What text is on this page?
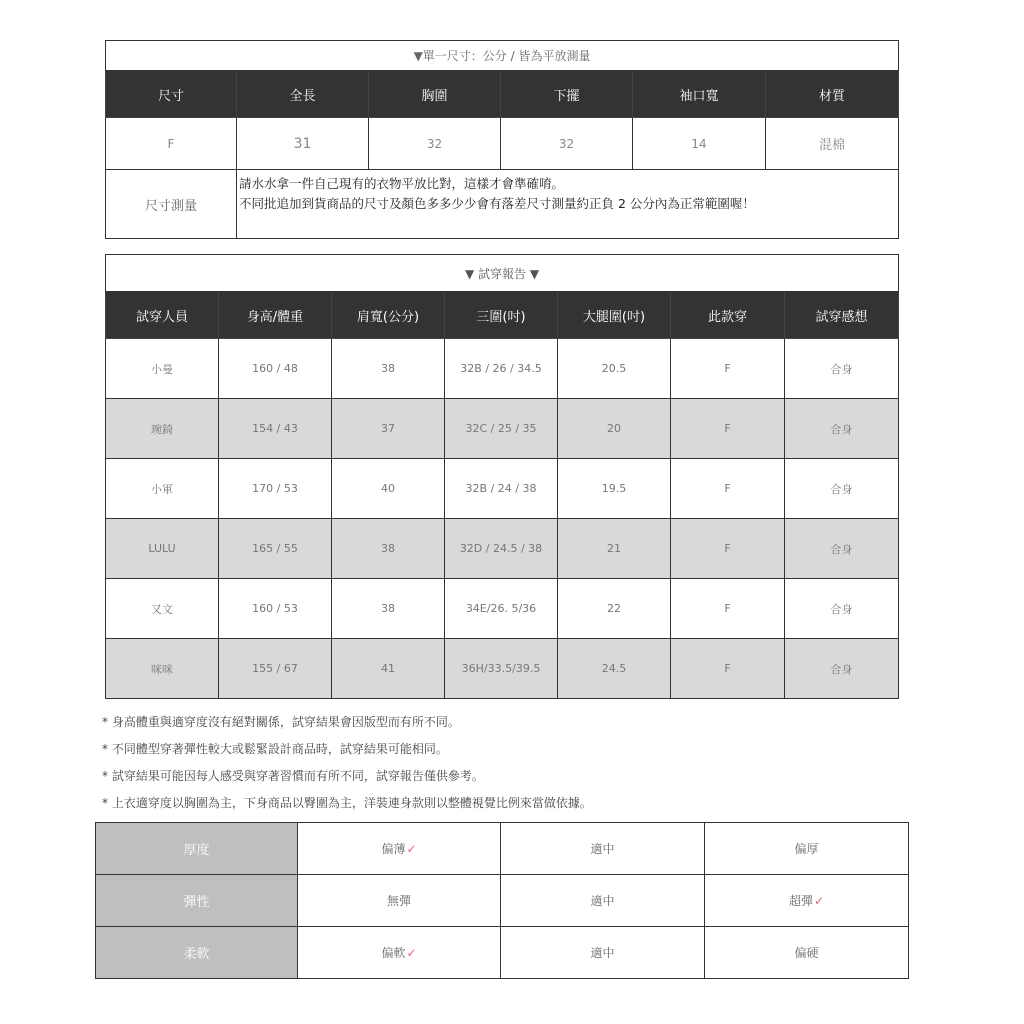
▼單一尺寸：公分 / 皆為平放測量					
尺寸	全長	胸圍	下擺	袖口寬	材質
F	31	32	32	14	混棉
尺寸測量	請水水拿一件自己現有的衣物平放比對，這樣才會準確唷。
不同批追加到貨商品的尺寸及顏色多多少少會有落差尺寸測量約正負 2 公分內為正常範圍喔！				
▼ 試穿報告 ▼						
試穿人員	身高/體重	肩寬(公分)	三圍(吋)	大腿圍(吋)	此款穿	試穿感想
小曼	160 / 48	38	32B / 26 / 34.5	20.5	F	合身
琬錡	154 / 43	37	32C / 25 / 35	20	F	合身
小軍	170 / 53	40	32B / 24 / 38	19.5	F	合身
LULU	165 / 55	38	32D / 24.5 / 38	21	F	合身
又文	160 / 53	38	34E/26. 5/36	22	F	合身
咪咪	155 / 67	41	36H/33.5/39.5	24.5	F	合身
* 身高體重與適穿度沒有絕對關係，試穿結果會因版型而有所不同。
* 不同體型穿著彈性較大或鬆緊設計商品時，試穿結果可能相同。
* 試穿結果可能因每人感受與穿著習慣而有所不同，試穿報告僅供參考。
* 上衣適穿度以胸圍為主，下身商品以臀圍為主，洋裝連身款則以整體視覺比例來當做依據。
厚度	偏薄✓	適中	偏厚
彈性	無彈	適中	超彈✓
柔軟	偏軟✓	適中	偏硬
